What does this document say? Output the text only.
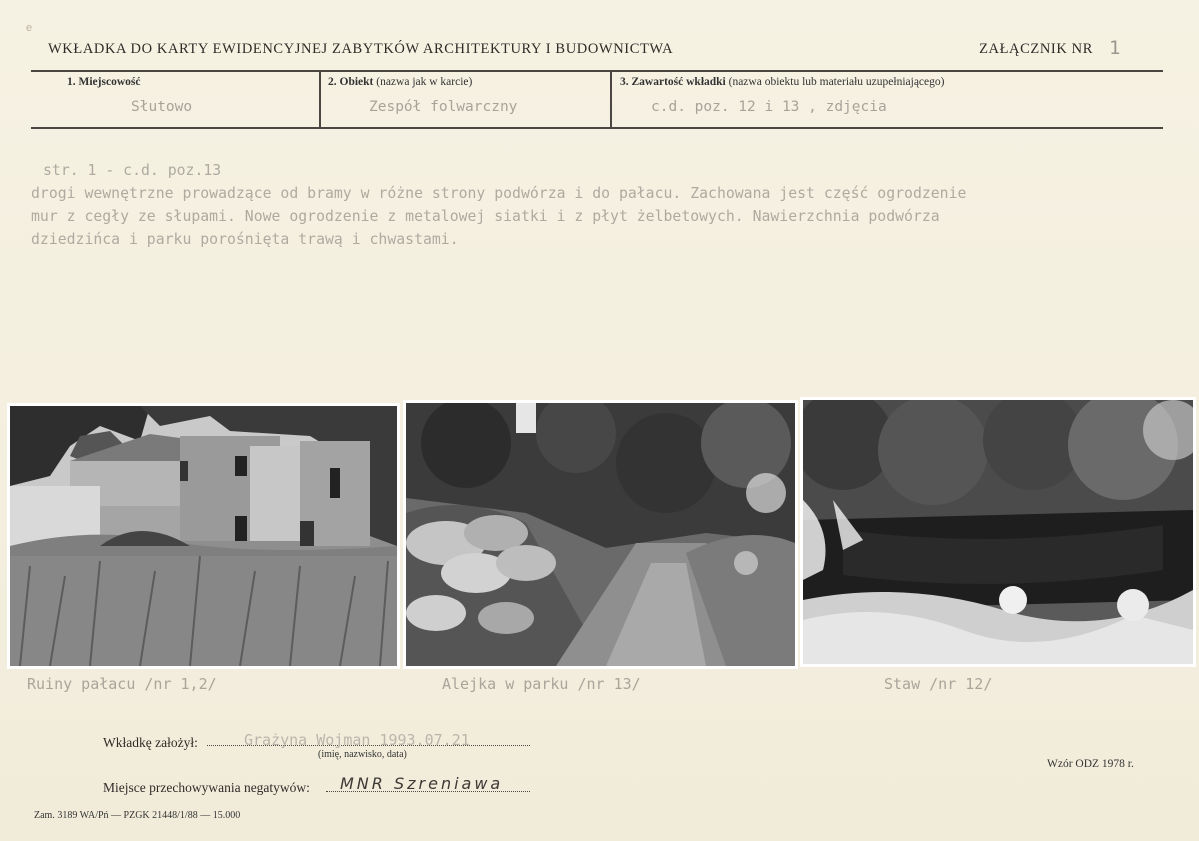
e
WKŁADKA DO KARTY EWIDENCYJNEJ ZABYTKÓW ARCHITEKTURY I BUDOWNICTWA	ZAŁĄCZNIK NR 1
1. Miejscowość
Słutowo
2. Obiekt (nazwa jak w karcie)
Zespół folwarczny
3. Zawartość wkładki (nazwa obiektu lub materiału uzupełniającego)
c.d. poz. 12 i 13 , zdjęcia
str. 1 - c.d. poz.13
drogi wewnętrzne prowadzące od bramy w różne strony podwórza i do pałacu. Zachowana jest część ogrodzenie
mur z cegły ze słupami. Nowe ogrodzenie z metalowej siatki i z płyt żelbetowych. Nawierzchnia podwórza
dziedzińca i parku porośnięta trawą i chwastami.
Ruiny pałacu /nr 1,2/	Alejka w parku /nr 13/	Staw /nr 12/
Wkładkę założył:	Grażyna Wojman 1993.07.21
(imię, nazwisko, data)
Miejsce przechowywania negatywów: MNR Szreniawa
Wzór ODZ 1978 r.
Zam. 3189 WA/Pń — PZGK 21448/1/88 — 15.000
